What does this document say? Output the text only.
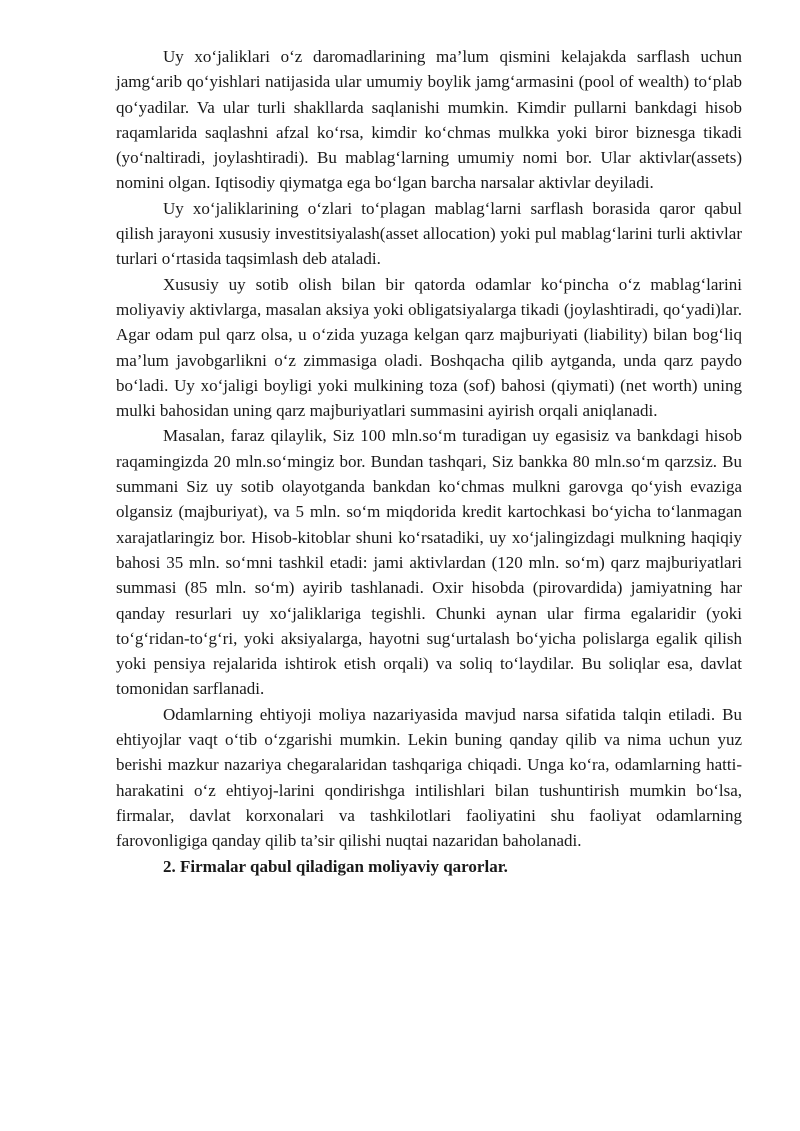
Uy xo‘jaliklari o‘z daromadlarining ma’lum qismini kelajakda sarflash uchun jamg‘arib qo‘yishlari natijasida ular umumiy boylik jamg‘armasini (pool of wealth) to‘plab qo‘yadilar. Va ular turli shakllarda saqlanishi mumkin. Kimdir pullarni bankdagi hisob raqamlarida saqlashni afzal ko‘rsa, kimdir ko‘chmas mulkka yoki biror biznesga tikadi (yo‘naltiradi, joylashtiradi). Bu mablag‘larning umumiy nomi bor. Ular aktivlar(assets) nomini olgan. Iqtisodiy qiymatga ega bo‘lgan barcha narsalar aktivlar deyiladi.

Uy xo‘jaliklarining o‘zlari to‘plagan mablag‘larni sarflash borasida qaror qabul qilish jarayoni xususiy investitsiyalash(asset allocation) yoki pul mablag‘larini turli aktivlar turlari o‘rtasida taqsimlash deb ataladi.

Xususiy uy sotib olish bilan bir qatorda odamlar ko‘pincha o‘z mablag‘larini moliyaviy aktivlarga, masalan aksiya yoki obligatsiyalarga tikadi (joylashtiradi, qo‘yadi)lar. Agar odam pul qarz olsa, u o‘zida yuzaga kelgan qarz majburiyati (liability) bilan bog‘liq ma’lum javobgarlikni o‘z zimmasiga oladi. Boshqacha qilib aytganda, unda qarz paydo bo‘ladi. Uy xo‘jaligi boyligi yoki mulkining toza (sof) bahosi (qiymati) (net worth) uning mulki bahosidan uning qarz majburiyatlari summasini ayirish orqali aniqlanadi.

Masalan, faraz qilaylik, Siz 100 mln.so‘m turadigan uy egasisiz va bankdagi hisob raqamingizda 20 mln.so‘mingiz bor. Bundan tashqari, Siz bankka 80 mln.so‘m qarzsiz. Bu summani Siz uy sotib olayotganda bankdan ko‘chmas mulkni garovga qo‘yish evaziga olgansiz (majburiyat), va 5 mln. so‘m miqdorida kredit kartochkasi bo‘yicha to‘lanmagan xarajatlaringiz bor. Hisob-kitoblar shuni ko‘rsatadiki, uy xo‘jalingizdagi mulkning haqiqiy bahosi 35 mln. so‘mni tashkil etadi: jami aktivlardan (120 mln. so‘m) qarz majburiyatlari summasi (85 mln. so‘m) ayirib tashlanadi. Oxir hisobda (pirovardida) jamiyatning har qanday resurlari uy xo‘jaliklariga tegishli. Chunki aynan ular firma egalaridir (yoki to‘g‘ridan-to‘g‘ri, yoki aksiyalarga, hayotni sug‘urtalash bo‘yicha polislarga egalik qilish yoki pensiya rejalarida ishtirok etish orqali) va soliq to‘laydilar. Bu soliqlar esa, davlat tomonidan sarflanadi.

Odamlarning ehtiyoji moliya nazariyasida mavjud narsa sifatida talqin etiladi. Bu ehtiyojlar vaqt o‘tib o‘zgarishi mumkin. Lekin buning qanday qilib va nima uchun yuz berishi mazkur nazariya chegaralaridan tashqariga chiqadi. Unga ko‘ra, odamlarning hatti-harakatini o‘z ehtiyoj-larini qondirishga intilishlari bilan tushuntirish mumkin bo‘lsa, firmalar, davlat korxonalari va tashkilotlari faoliyatini shu faoliyat odamlarning farovonligiga qanday qilib ta’sir qilishi nuqtai nazaridan baholanadi.

2. Firmalar qabul qiladigan moliyaviy qarorlar.
